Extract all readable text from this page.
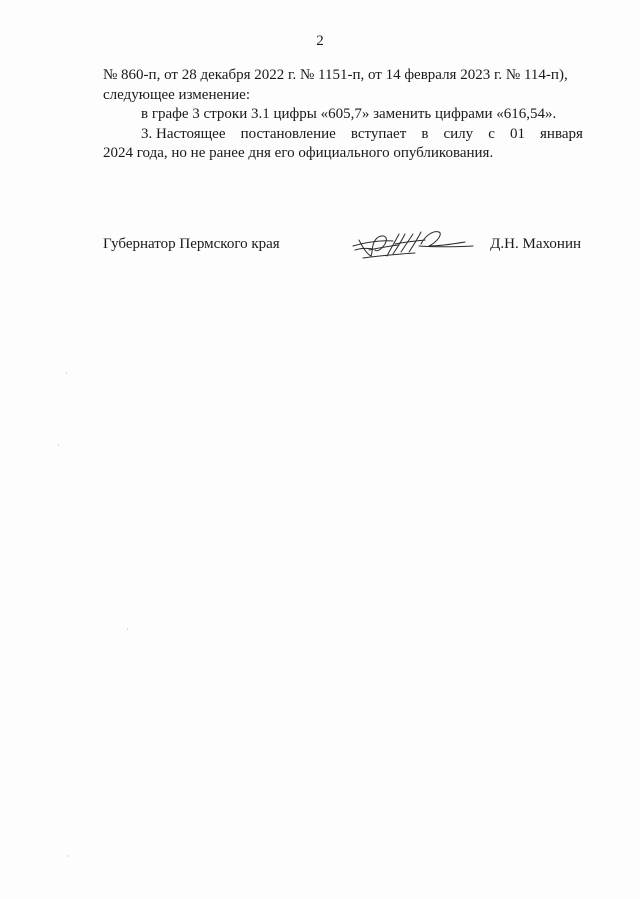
2
№ 860-п, от 28 декабря 2022 г. № 1151-п, от 14 февраля 2023 г. № 114-п),
следующее изменение:
в графе 3 строки 3.1 цифры «605,7» заменить цифрами «616,54».
3. Настоящее постановление вступает в силу с 01 января
2024 года, но не ранее дня его официального опубликования.
Губернатор Пермского края	Д.Н. Махонин
